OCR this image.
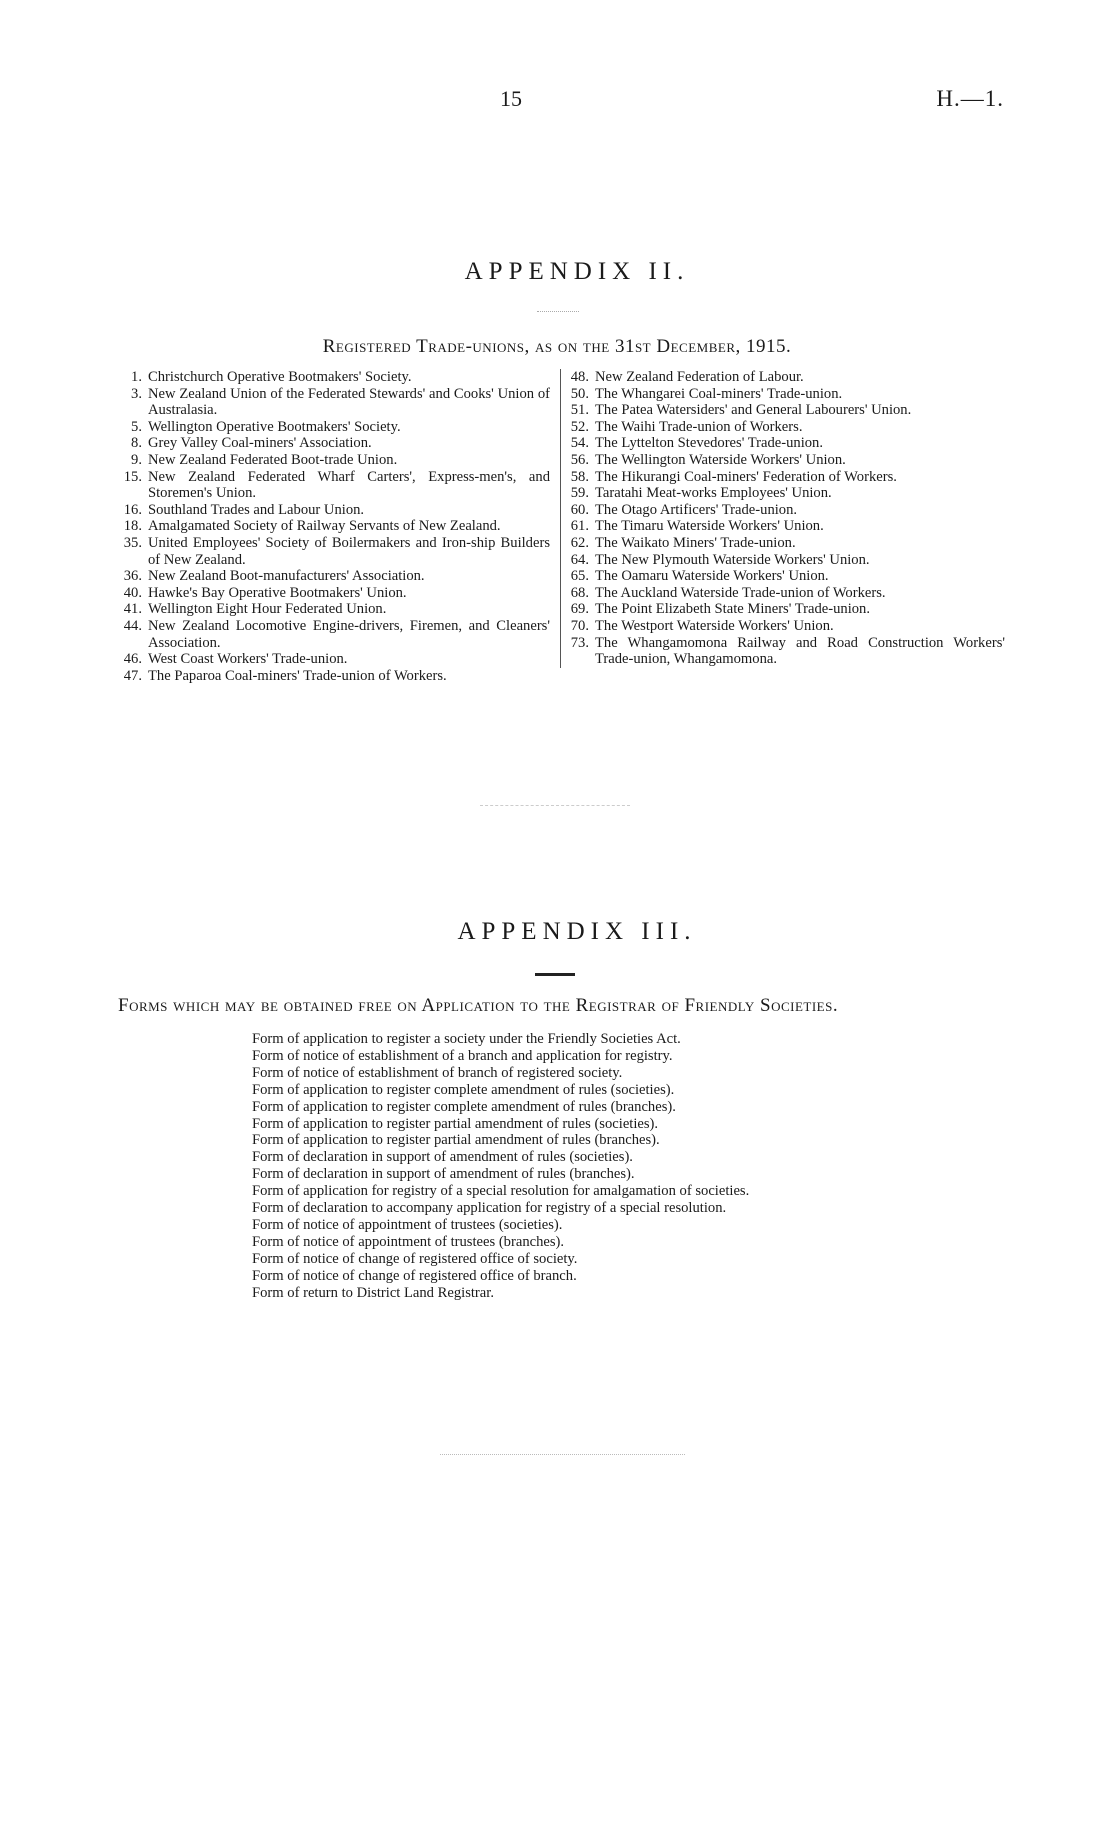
15	H.—1.
APPENDIX II.
Registered Trade-unions, as on the 31st December, 1915.
1. Christchurch Operative Bootmakers' Society.
3. New Zealand Union of the Federated Stewards' and Cooks' Union of Australasia.
5. Wellington Operative Bootmakers' Society.
8. Grey Valley Coal-miners' Association.
9. New Zealand Federated Boot-trade Union.
15. New Zealand Federated Wharf Carters', Express-men's, and Storemen's Union.
16. Southland Trades and Labour Union.
18. Amalgamated Society of Railway Servants of New Zealand.
35. United Employees' Society of Boilermakers and Iron-ship Builders of New Zealand.
36. New Zealand Boot-manufacturers' Association.
40. Hawke's Bay Operative Bootmakers' Union.
41. Wellington Eight Hour Federated Union.
44. New Zealand Locomotive Engine-drivers, Firemen, and Cleaners' Association.
46. West Coast Workers' Trade-union.
47. The Paparoa Coal-miners' Trade-union of Workers.
48. New Zealand Federation of Labour.
50. The Whangarei Coal-miners' Trade-union.
51. The Patea Watersiders' and General Labourers' Union.
52. The Waihi Trade-union of Workers.
54. The Lyttelton Stevedores' Trade-union.
56. The Wellington Waterside Workers' Union.
58. The Hikurangi Coal-miners' Federation of Workers.
59. Taratahi Meat-works Employees' Union.
60. The Otago Artificers' Trade-union.
61. The Timaru Waterside Workers' Union.
62. The Waikato Miners' Trade-union.
64. The New Plymouth Waterside Workers' Union.
65. The Oamaru Waterside Workers' Union.
68. The Auckland Waterside Trade-union of Workers.
69. The Point Elizabeth State Miners' Trade-union.
70. The Westport Waterside Workers' Union.
73. The Whangamomona Railway and Road Construction Workers' Trade-union, Whangamomona.
APPENDIX III.
Forms which may be obtained free on Application to the Registrar of Friendly Societies.
Form of application to register a society under the Friendly Societies Act.
Form of notice of establishment of a branch and application for registry.
Form of notice of establishment of branch of registered society.
Form of application to register complete amendment of rules (societies).
Form of application to register complete amendment of rules (branches).
Form of application to register partial amendment of rules (societies).
Form of application to register partial amendment of rules (branches).
Form of declaration in support of amendment of rules (societies).
Form of declaration in support of amendment of rules (branches).
Form of application for registry of a special resolution for amalgamation of societies.
Form of declaration to accompany application for registry of a special resolution.
Form of notice of appointment of trustees (societies).
Form of notice of appointment of trustees (branches).
Form of notice of change of registered office of society.
Form of notice of change of registered office of branch.
Form of return to District Land Registrar.
